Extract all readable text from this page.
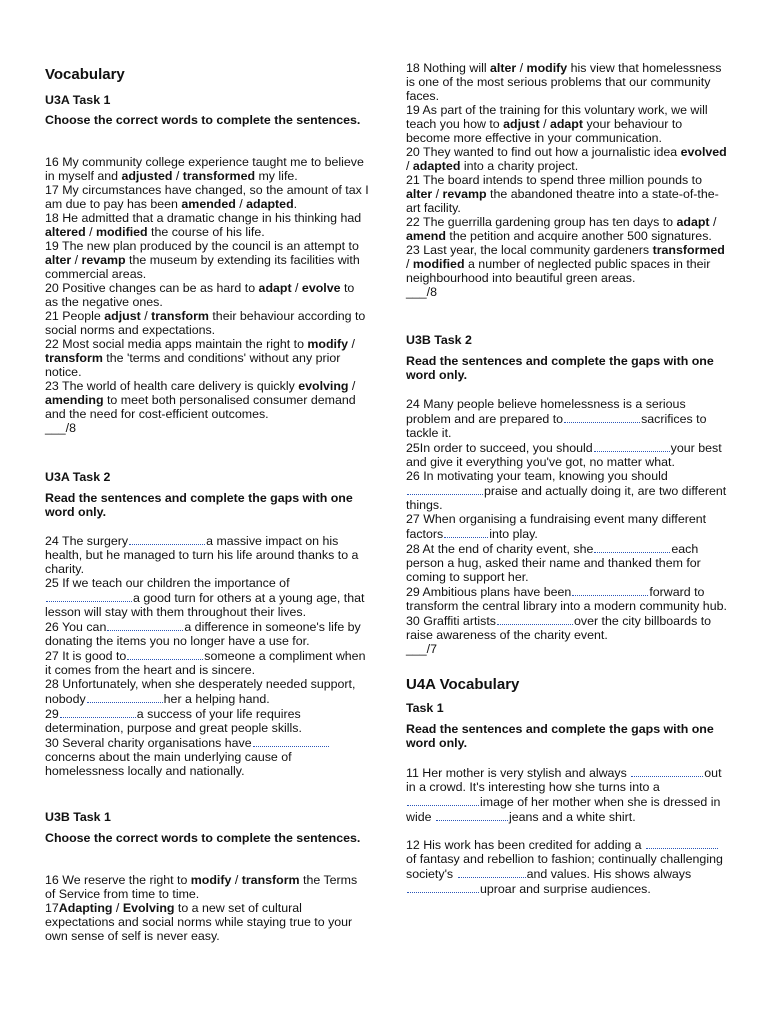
Vocabulary
U3A Task 1
Choose the correct words to complete the sentences.

16 My community college experience taught me to believe in myself and adjusted / transformed my life.

17 My circumstances have changed, so the amount of tax I am due to pay has been amended / adapted.

18 He admitted that a dramatic change in his thinking had altered / modified the course of his life.

19 The new plan produced by the council is an attempt to alter / revamp the museum by extending its facilities with commercial areas.

20 Positive changes can be as hard to adapt / evolve to as the negative ones.

21 People adjust / transform their behaviour according to social norms and expectations.

22 Most social media apps maintain the right to modify / transform the 'terms and conditions' without any prior notice.

23 The world of health care delivery is quickly evolving / amending to meet both personalised consumer demand and the need for cost-efficient outcomes.

___/8

U3A Task 2
Read the sentences and complete the gaps with one word only.

24 The surgery	a massive impact on his health, but he managed to turn his life around thanks to a charity.

25 If we teach our children the importance ofa good turn for others at a young age, that lesson will stay with them throughout their lives.

26 You can	a difference in someone's life by donating the items you no longer have a use for.

27 It is good to	someone a compliment when it comes from the heart and is sincere.

28 Unfortunately, when she desperately needed support, nobody	her a helping hand.

29	a success of your life requires determination, purpose and great people skills.

30 Several charity organisations haveconcerns about the main underlying cause of homelessness locally and nationally.

U3B Task 1
Choose the correct words to complete the sentences.

16 We reserve the right to modify / transform the Terms of Service from time to time.

17Adapting / Evolving to a new set of cultural expectations and social norms while staying true to your own sense of self is never easy.

18 Nothing will alter / modify his view that homelessness is one of the most serious problems that our community faces.

19 As part of the training for this voluntary work, we will teach you how to adjust / adapt your behaviour to become more effective in your communication.

20 They wanted to find out how a journalistic idea evolved / adapted into a charity project.

21 The board intends to spend three million pounds to alter / revamp the abandoned theatre into a state-of-the-art facility.

22 The guerrilla gardening group has ten days to adapt / amend the petition and acquire another 500 signatures.

23 Last year, the local community gardeners transformed / modified a number of neglected public spaces in their neighbourhood into beautiful green areas.

___/8

U3B Task 2
Read the sentences and complete the gaps with one word only.

24 Many people believe homelessness is a serious problem and are prepared to	sacrifices to tackle it.

25In order to succeed, you should	your best and give it everything you've got, no matter what.

26 In motivating your team, knowing you shouldpraise and actually doing it, are two different things.

27 When organising a fundraising event many different factors	into play.

28 At the end of charity event, she	each person a hug, asked their name and thanked them for coming to support her.

29 Ambitious plans have been	forward to transform the central library into a modern community hub.

30 Graffiti artists	over the city billboards to raise awareness of the charity event.

___/7

U4A Vocabulary
Task 1
Read the sentences and complete the gaps with one word only.

11 Her mother is very stylish and always	out in a crowd. It's interesting how she turns into a image of her mother when she is dressed in wide	jeans and a white shirt.

12 His work has been credited for adding a of fantasy and rebellion to fashion; continually challenging society's	and values. His shows always uproar and surprise audiences.
